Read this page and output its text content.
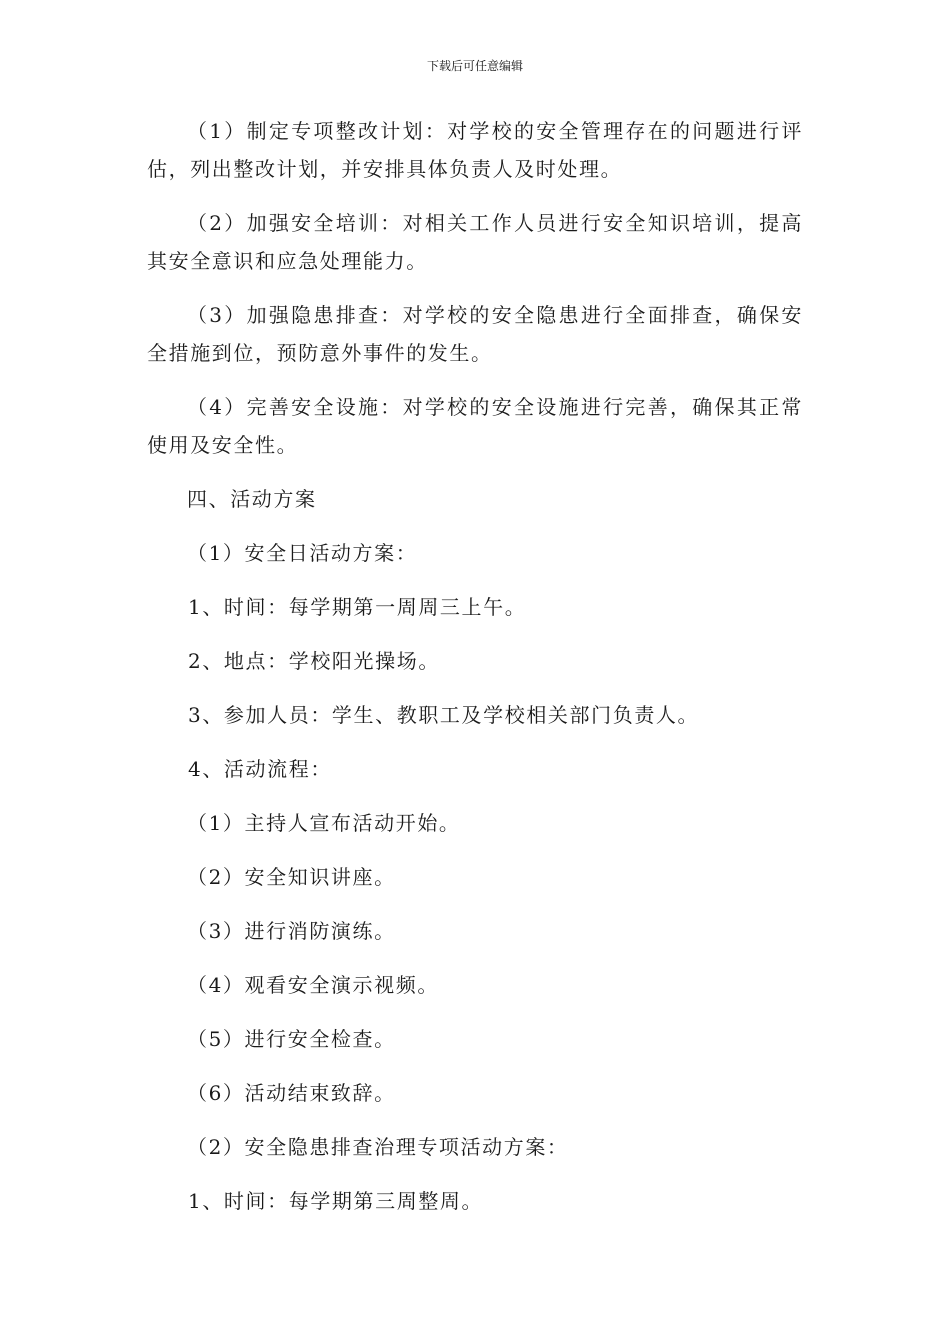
下载后可任意编辑

（1）制定专项整改计划：对学校的安全管理存在的问题进行评估，列出整改计划，并安排具体负责人及时处理。

（2）加强安全培训：对相关工作人员进行安全知识培训，提高其安全意识和应急处理能力。

（3）加强隐患排查：对学校的安全隐患进行全面排查，确保安全措施到位，预防意外事件的发生。

（4）完善安全设施：对学校的安全设施进行完善，确保其正常使用及安全性。

四、活动方案
（1）安全日活动方案：
1、时间：每学期第一周周三上午。
2、地点：学校阳光操场。
3、参加人员：学生、教职工及学校相关部门负责人。
4、活动流程：
（1）主持人宣布活动开始。
（2）安全知识讲座。
（3）进行消防演练。
（4）观看安全演示视频。
（5）进行安全检查。
（6）活动结束致辞。
（2）安全隐患排查治理专项活动方案：
1、时间：每学期第三周整周。
